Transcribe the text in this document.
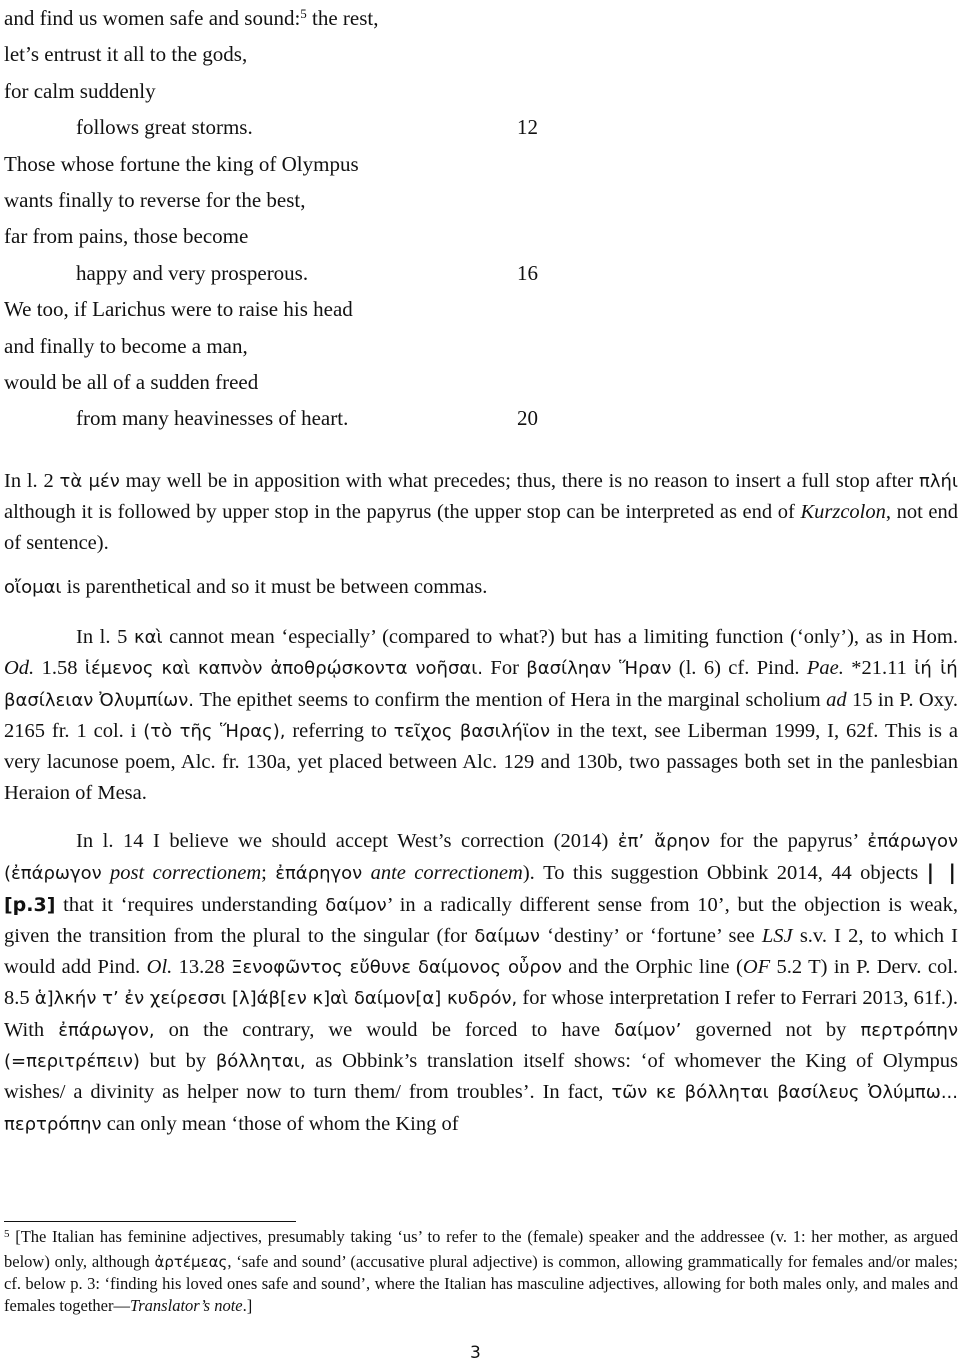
and find us women safe and sound:$^5$ the rest,
let’s entrust it all to the gods,
for calm suddenly
follows great storms.	12
Those whose fortune the king of Olympus
wants finally to reverse for the best,
far from pains, those become
happy and very prosperous.	16
We too, if Larichus were to raise his head
and finally to become a man,
would be all of a sudden freed
from many heavinesses of heart.	20

In l. 2 τὰ μέν may well be in apposition with what precedes; thus, there is no reason to insert a full stop after πλήι although it is followed by upper stop in the papyrus (the upper stop can be interpreted as end of Kurzcolon, not end of sentence).

οἴομαι is parenthetical and so it must be between commas.

In l. 5 καὶ cannot mean ‘especially’ (compared to what?) but has a limiting function (‘only’), as in Hom. Od. 1.58 ἱέμενος καὶ καπνὸν ἀποθρῴσκοντα νοῆσαι. For βασίληαν Ἥραν (l. 6) cf. Pind. Pae. *21.11 ἰή ἰή βασίλειαν Ὀλυμπίων. The epithet seems to confirm the mention of Hera in the marginal scholium ad 15 in P. Oxy. 2165 fr. 1 col. i (τὸ τῆς Ἥρας), referring to τεῖχος βασιλήϊον in the text, see Liberman 1999, I, 62f. This is a very lacunose poem, Alc. fr. 130a, yet placed between Alc. 129 and 130b, two passages both set in the panlesbian Heraion of Mesa.

In l. 14 I believe we should accept West’s correction (2014) ἐπ’ ἄρηον for the papyrus’ ἐπάρωγον (ἐπάρωγον post correctionem; ἐπάρηγον ante correctionem). To this suggestion Obbink 2014, 44 objects | | [p.3] that it ‘requires understanding δαίμον’ in a radically different sense from 10’, but the objection is weak, given the transition from the plural to the singular (for δαίμων ‘destiny’ or ‘fortune’ see LSJ s.v. I 2, to which I would add Pind. Ol. 13.28 Ξενοφῶντος εὔθυνε δαίμονος οὖρον and the Orphic line (OF 5.2 T) in P. Derv. col. 8.5 ἁ]λκήν τ’ ἐν χείρεσσι [λ]άβ[εν κ]αὶ δαίμον[α] κυδρόν, for whose interpretation I refer to Ferrari 2013, 61f.). With ἐπάρωγον, on the contrary, we would be forced to have δαίμον’ governed not by περτρόπην (=περιτρέπειν) but by βόλληται, as Obbink’s translation itself shows: ‘of whomever the King of Olympus wishes/ a divinity as helper now to turn them/ from troubles’. In fact, τῶν κε βόλληται βασίλευς Ὀλύμπω... περτρόπην can only mean ‘those of whom the King of

$^5$ [The Italian has feminine adjectives, presumably taking ‘us’ to refer to the (female) speaker and the addressee (v. 1: her mother, as argued below) only, although ἀρτέμεας, ‘safe and sound’ (accusative plural adjective) is common, allowing grammatically for females and/or males; cf. below p. 3: ‘finding his loved ones safe and sound’, where the Italian has masculine adjectives, allowing for both males only, and males and females together—Translator’s note.]

3
